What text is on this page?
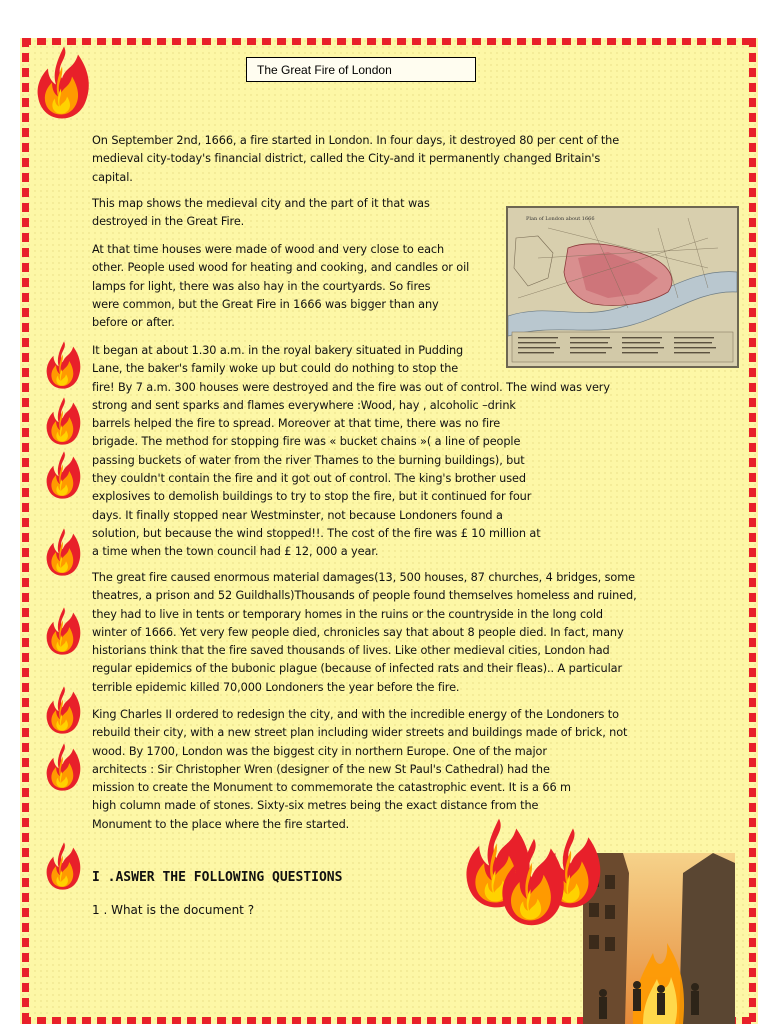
The Great Fire of London

On September 2nd, 1666, a fire started in London. In four days, it destroyed 80 per cent of the
medieval city-today's financial district, called the City-and it permanently changed Britain's
capital.

This map shows the medieval city and the part of it that was
destroyed in the Great Fire.

At that time houses were made of wood and very close to each
other. People used wood for heating and cooking, and candles or oil
lamps for light, there was also hay in the courtyards. So fires
were common, but the Great Fire in 1666 was bigger than any
before or after.

It began at about 1.30 a.m. in the royal bakery situated in Pudding
Lane, the baker's family woke up but could do nothing to stop the
fire! By 7 a.m. 300 houses were destroyed and the fire was out of control. The wind was very
strong and sent sparks and flames everywhere :Wood, hay , alcoholic –drink
barrels helped the fire to spread. Moreover at that time, there was no fire
brigade. The method for stopping fire was « bucket chains »( a line of people
passing buckets of water from the river Thames to the burning buildings), but
they couldn't contain the fire and it got out of control. The king's brother used
explosives to demolish buildings to try to stop the fire, but it continued for four
days. It finally stopped near Westminster, not because Londoners found a
solution, but because the wind stopped!!. The cost of the fire was £ 10 million at
a time when the town council had £ 12, 000 a year.

The great fire caused enormous material damages(13, 500 houses, 87 churches, 4 bridges, some
theatres, a prison and 52 Guildhalls)Thousands of people found themselves homeless and ruined,
they had to live in tents or temporary homes in the ruins or the countryside in the long cold
winter of 1666. Yet very few people died, chronicles say that about 8 people died. In fact, many
historians think that the fire saved thousands of lives. Like other medieval cities, London had
regular epidemics of the bubonic plague (because of infected rats and their fleas).. A particular
terrible epidemic killed 70,000 Londoners the year before the fire.

King Charles II ordered to redesign the city, and with the incredible energy of the Londoners to
rebuild their city, with a new street plan including wider streets and buildings made of brick, not
wood. By 1700, London was the biggest city in northern Europe. One of the major
architects : Sir Christopher Wren (designer of the new St Paul's Cathedral) had the
mission to create the Monument to commemorate the catastrophic event. It is a 66 m
high column made of stones. Sixty-six metres being the exact distance from the
Monument to the place where the fire started.

Plan of London about 1666
I .ASWER THE FOLLOWING QUESTIONS
1 . What is the document ?
